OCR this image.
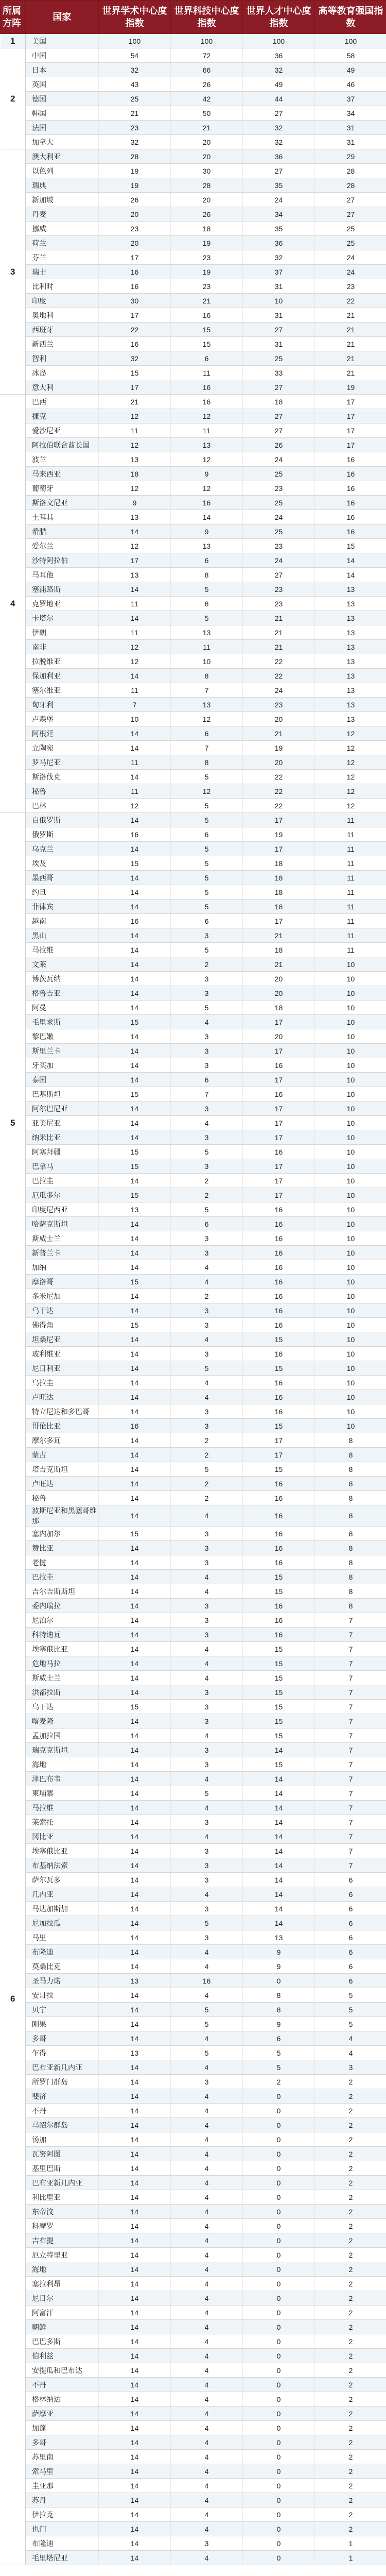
所属方阵	国家	世界学术中心度指数	世界科技中心度指数	世界人才中心度指数	高等教育强国指数
1	美国	100	100	100	100
2	中国	54	72	36	58
	日本	32	66	32	49
	英国	43	26	49	46
	德国	25	42	44	37
	韩国	21	50	27	34
	法国	23	21	32	31
	加拿大	32	20	32	31
3	澳大利亚	28	20	36	29
	以色列	19	30	27	28
	瑞典	19	28	35	28
	新加坡	26	20	24	27
	丹麦	20	26	34	27
	挪威	23	18	35	25
	荷兰	20	19	36	25
	芬兰	17	23	32	24
	瑞士	16	19	37	24
	比利时	16	23	31	23
	印度	30	21	10	22
	奥地利	17	16	31	21
	西班牙	22	15	27	21
	新西兰	16	15	31	21
	智利	32	6	25	21
	冰岛	15	11	33	21
	意大利	17	16	27	19
4	巴西	21	16	18	17
	捷克	12	12	27	17
	爱沙尼亚	11	11	27	17
	阿拉伯联合酋长国	12	13	26	17
	波兰	13	12	24	16
	马来西亚	18	9	25	16
	葡萄牙	12	12	23	16
	斯洛文尼亚	9	16	25	16
	土耳其	13	14	24	16
	希腊	14	9	25	16
	爱尔兰	12	13	23	15
	沙特阿拉伯	17	6	24	14
	马耳他	13	8	27	14
	塞浦路斯	14	5	23	13
	克罗地亚	11	8	23	13
	卡塔尔	14	5	21	13
	伊朗	11	13	21	13
	南非	12	11	21	13
	拉脱维亚	12	10	22	13
	保加利亚	14	8	22	13
	塞尔维亚	11	7	24	13
	匈牙利	7	13	23	13
	卢森堡	10	12	20	13
	阿根廷	14	6	21	12
	立陶宛	14	7	19	12
	罗马尼亚	11	8	20	12
	斯洛伐克	14	5	22	12
	秘鲁	11	12	22	12
	巴林	12	5	22	12
5	白俄罗斯	14	5	17	11
	俄罗斯	16	6	19	11
	乌克兰	14	5	17	11
	埃及	15	5	18	11
	墨西哥	14	5	18	11
	约旦	14	5	18	11
	菲律宾	14	5	18	11
	越南	16	6	17	11
	黑山	14	3	21	11
	马拉维	14	5	18	11
	文莱	14	2	21	10
	博茨瓦纳	14	3	20	10
	格鲁吉亚	14	3	20	10
	阿曼	14	5	18	10
	毛里求斯	15	4	17	10
	黎巴嫩	14	3	20	10
	斯里兰卡	14	3	17	10
	牙买加	14	3	16	10
	泰国	14	6	17	10
	巴基斯坦	15	7	16	10
	阿尔巴尼亚	14	3	17	10
	亚美尼亚	14	4	17	10
	纳米比亚	14	3	17	10
	阿塞拜疆	15	5	16	10
	巴拿马	15	3	17	10
	巴拉圭	14	2	17	10
	厄瓜多尔	15	2	17	10
	印度尼西亚	13	5	16	10
	哈萨克斯坦	14	6	16	10
	斯威士兰	14	3	16	10
	新普兰卡	14	3	16	10
	加纳	14	4	16	10
	摩洛哥	15	4	16	10
	多米尼加	14	2	16	10
	乌干达	14	3	16	10
	佛得角	15	3	16	10
	坦桑尼亚	14	4	15	10
	玻利维亚	14	3	16	10
	尼日利亚	14	5	15	10
	乌拉圭	14	4	16	10
	卢旺达	14	4	16	10
	特立尼达和多巴哥	14	3	16	10
	哥伦比亚	16	3	15	10
6	摩尔多瓦	14	2	17	8
	蒙古	14	2	17	8
	塔吉克斯坦	14	5	15	8
	卢旺达	14	2	16	8
	秘鲁	14	2	16	8
	波斯尼亚和黑塞哥维那	14	4	16	8
	塞内加尔	15	3	16	8
	赞比亚	14	3	16	8
	老挝	14	3	16	8
	巴拉圭	14	4	15	8
	吉尔吉斯斯坦	14	4	15	8
	委内瑞拉	14	3	16	8
	尼泊尔	14	3	16	7
	科特迪瓦	14	3	16	7
	埃塞俄比亚	14	4	15	7
	危地马拉	14	4	15	7
	斯威士兰	14	4	15	7
	洪都拉斯	14	3	15	7
	乌干达	15	3	15	7
	喀麦隆	14	3	15	7
	孟加拉国	14	4	15	7
	瑞克克斯坦	14	3	14	7
	海地	14	3	15	7
	津巴布韦	14	4	14	7
	柬埔寨	14	5	14	7
	马拉维	14	4	14	7
	莱索托	14	3	14	7
	冈比亚	14	4	14	7
	埃塞俄比亚	14	3	14	7
	布基纳法索	14	3	14	7
	萨尔瓦多	14	3	14	6
	几内亚	14	4	14	6
	马达加斯加	14	3	14	6
	尼加拉瓜	14	5	14	6
	马里	14	3	13	6
	布隆迪	14	4	9	6
	莫桑比克	14	4	9	6
	圣马力诺	13	16	0	6
	安哥拉	14	4	8	5
	贝宁	14	5	8	5
	刚果	14	5	9	5
	多哥	14	4	6	4
	乍得	13	5	5	4
	巴布亚新几内亚	14	4	5	3
	所罗门群岛	14	3	2	2
	斐济	14	4	0	2
	不丹	14	4	0	2
	马绍尔群岛	14	4	0	2
	汤加	14	4	0	2
	瓦努阿图	14	4	0	2
	基里巴斯	14	4	0	2
	巴布亚新几内亚	14	4	0	2
	利比里亚	14	4	0	2
	东帝汶	14	4	0	2
	科摩罗	14	4	0	2
	吉布提	14	4	0	2
	厄立特里亚	14	4	0	2
	海地	14	4	0	2
	塞拉利昂	14	4	0	2
	尼日尔	14	4	0	2
	阿富汗	14	4	0	2
	朝鲜	14	4	0	2
	巴巴多斯	14	4	0	2
	伯利兹	14	4	0	2
	安提瓜和巴布达	14	4	0	2
	不丹	14	4	0	2
	格林纳达	14	4	0	2
	萨摩亚	14	4	0	2
	加蓬	14	4	0	2
	多哥	14	4	0	2
	苏里南	14	4	0	2
	索马里	14	4	0	2
	圭亚那	14	4	0	2
	苏丹	14	4	0	2
	伊拉克	14	4	0	2
	也门	14	4	0	2
	布隆迪	14	3	0	1
	毛里塔尼亚	14	4	0	1
